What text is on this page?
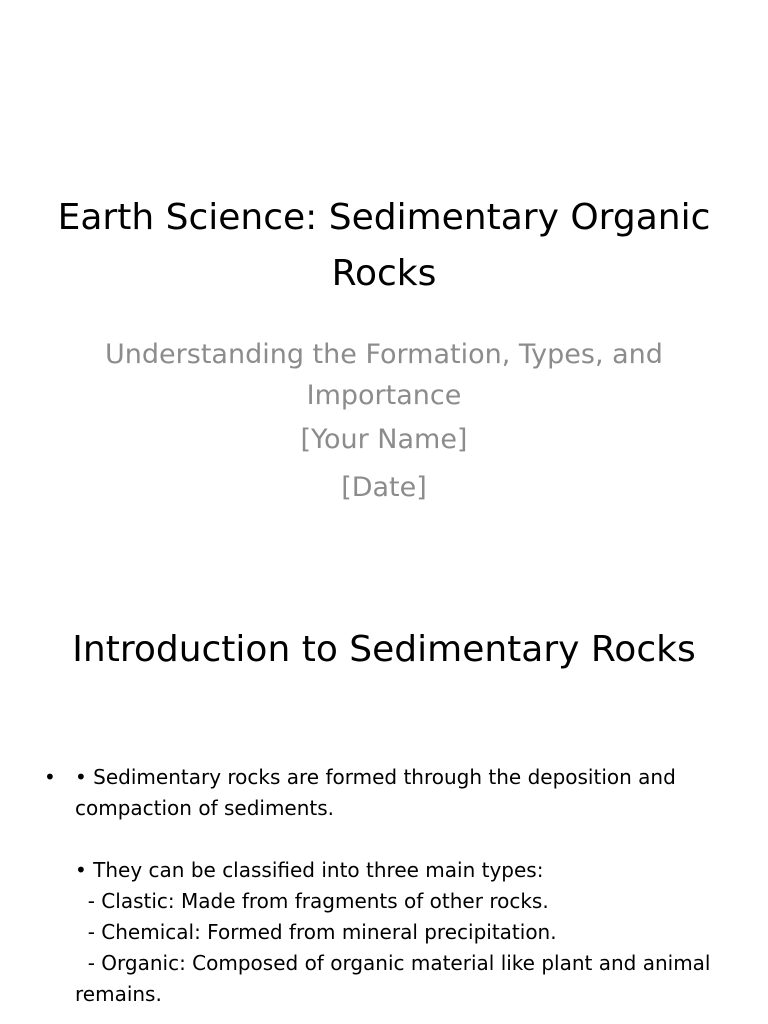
Earth Science: Sedimentary Organic Rocks

Understanding the Formation, Types, and Importance

[Your Name]

[Date]

Introduction to Sedimentary Rocks
• • Sedimentary rocks are formed through the deposition and compaction of sediments.

• They can be classified into three main types:
- Clastic: Made from fragments of other rocks.
- Chemical: Formed from mineral precipitation.
- Organic: Composed of organic material like plant and animal remains.
